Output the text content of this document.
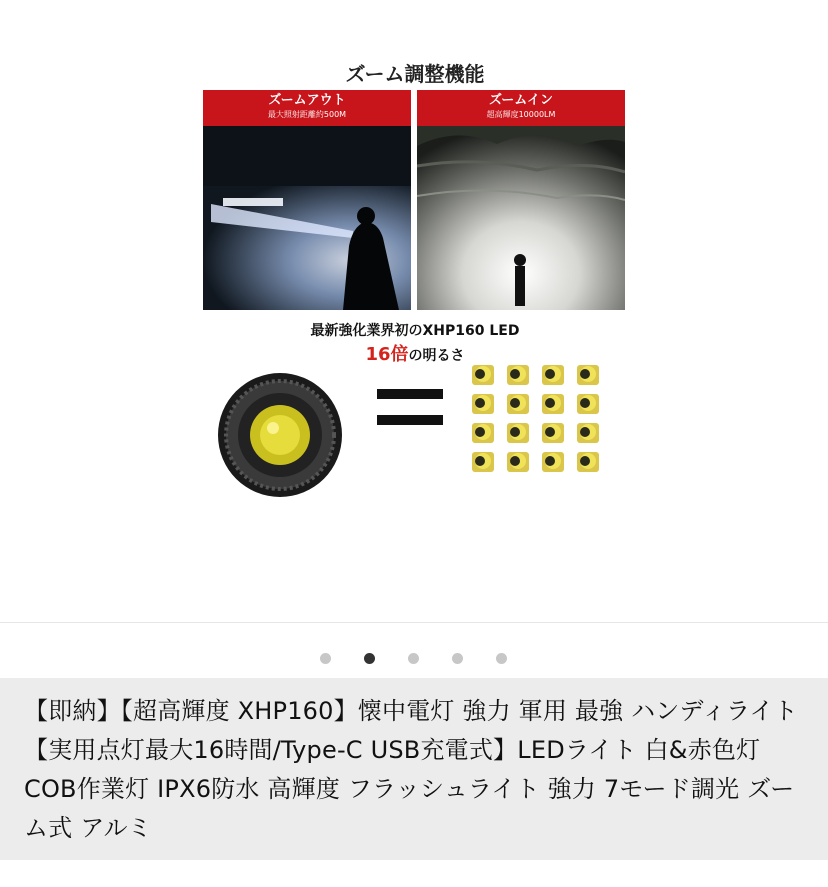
ズーム調整機能
ズームアウト
最大照射距離約500M
ズームイン
超高輝度10000LM
最新強化業界初のXHP160 LED
16倍の明るさ
【即納】【超高輝度 XHP160】懐中電灯 強力 軍用 最強 ハンディライト 【実用点灯最大16時間/Type-C USB充電式】LEDライト 白&赤色灯 COB作業灯 IPX6防水 高輝度 フラッシュライト 強力 7モード調光 ズーム式 アルミ
